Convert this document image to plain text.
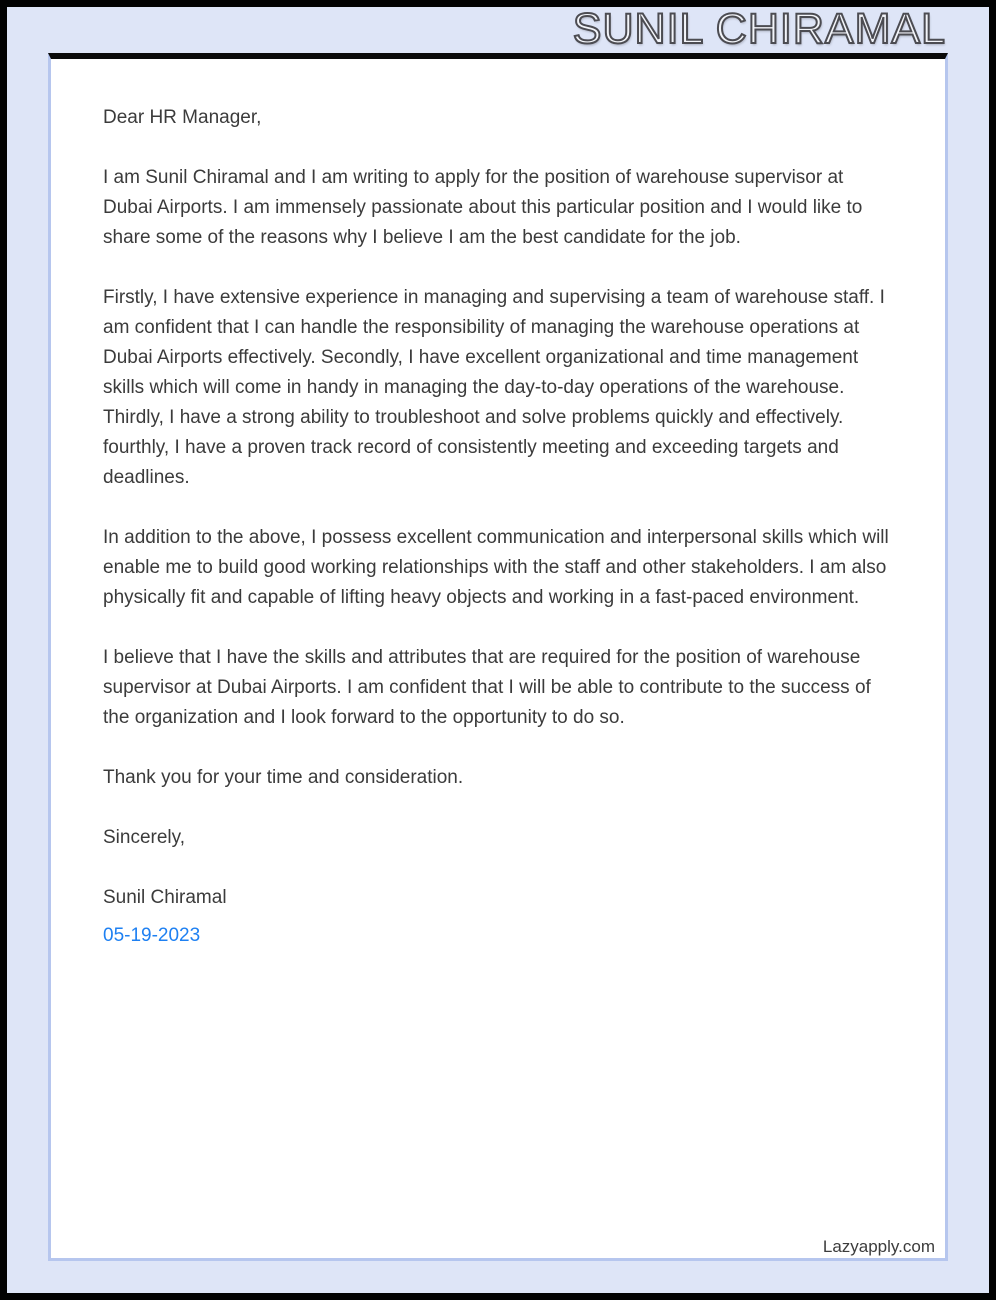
SUNIL CHIRAMAL

Dear HR Manager,

I am Sunil Chiramal and I am writing to apply for the position of warehouse supervisor at Dubai Airports. I am immensely passionate about this particular position and I would like to share some of the reasons why I believe I am the best candidate for the job.

Firstly, I have extensive experience in managing and supervising a team of warehouse staff. I am confident that I can handle the responsibility of managing the warehouse operations at Dubai Airports effectively. Secondly, I have excellent organizational and time management skills which will come in handy in managing the day-to-day operations of the warehouse. Thirdly, I have a strong ability to troubleshoot and solve problems quickly and effectively. fourthly, I have a proven track record of consistently meeting and exceeding targets and deadlines.

In addition to the above, I possess excellent communication and interpersonal skills which will enable me to build good working relationships with the staff and other stakeholders. I am also physically fit and capable of lifting heavy objects and working in a fast-paced environment.

I believe that I have the skills and attributes that are required for the position of warehouse supervisor at Dubai Airports. I am confident that I will be able to contribute to the success of the organization and I look forward to the opportunity to do so.

Thank you for your time and consideration.

Sincerely,

Sunil Chiramal

05-19-2023

Lazyapply.com
